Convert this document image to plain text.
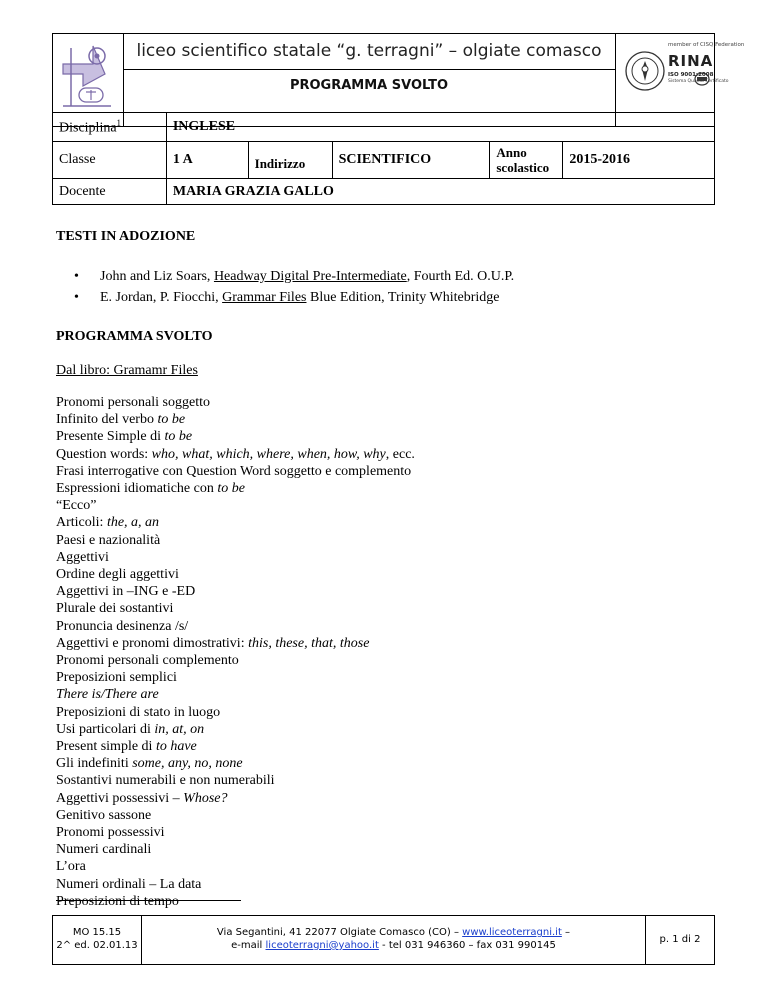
liceo scientifico statale “g. terragni” – olgiate comasco
PROGRAMMA SVOLTO
member of CISQ Federation
RINA
ISO 9001:2008
Sistema Qualità Certificato
Disciplina$^1$	INGLESE				
Classe	1 A	Indirizzo	SCIENTIFICO	Anno scolastico	2015-2016
Docente	MARIA GRAZIA GALLO				
TESTI IN ADOZIONE
• John and Liz Soars, Headway Digital Pre-Intermediate, Fourth Ed. O.U.P.
• E. Jordan, P. Fiocchi, Grammar Files Blue Edition, Trinity Whitebridge
PROGRAMMA SVOLTO
Dal libro: Gramamr Files
Pronomi personali soggetto
Infinito del verbo to be
Presente Simple di to be
Question words: who, what, which, where, when, how, why, ecc.
Frasi interrogative con Question Word soggetto e complemento
Espressioni idiomatiche con to be
“Ecco”
Articoli: the, a, an
Paesi e nazionalità
Aggettivi
Ordine degli aggettivi
Aggettivi in –ING e -ED
Plurale dei sostantivi
Pronuncia desinenza /s/
Aggettivi e pronomi dimostrativi: this, these, that, those
Pronomi personali complemento
Preposizioni semplici
There is/There are
Preposizioni di stato in luogo
Usi particolari di in, at, on
Present simple di to have
Gli indefiniti some, any, no, none
Sostantivi numerabili e non numerabili
Aggettivi possessivi – Whose?
Genitivo sassone
Pronomi possessivi
Numeri cardinali
L’ora
Numeri ordinali – La data
Preposizioni di tempo
MO 15.15
2^ ed. 02.01.13
Via Segantini, 41 22077 Olgiate Comasco (CO) – www.liceoterragni.it –
e-mail liceoterragni@yahoo.it - tel 031 946360 – fax 031 990145
p. 1 di 2
